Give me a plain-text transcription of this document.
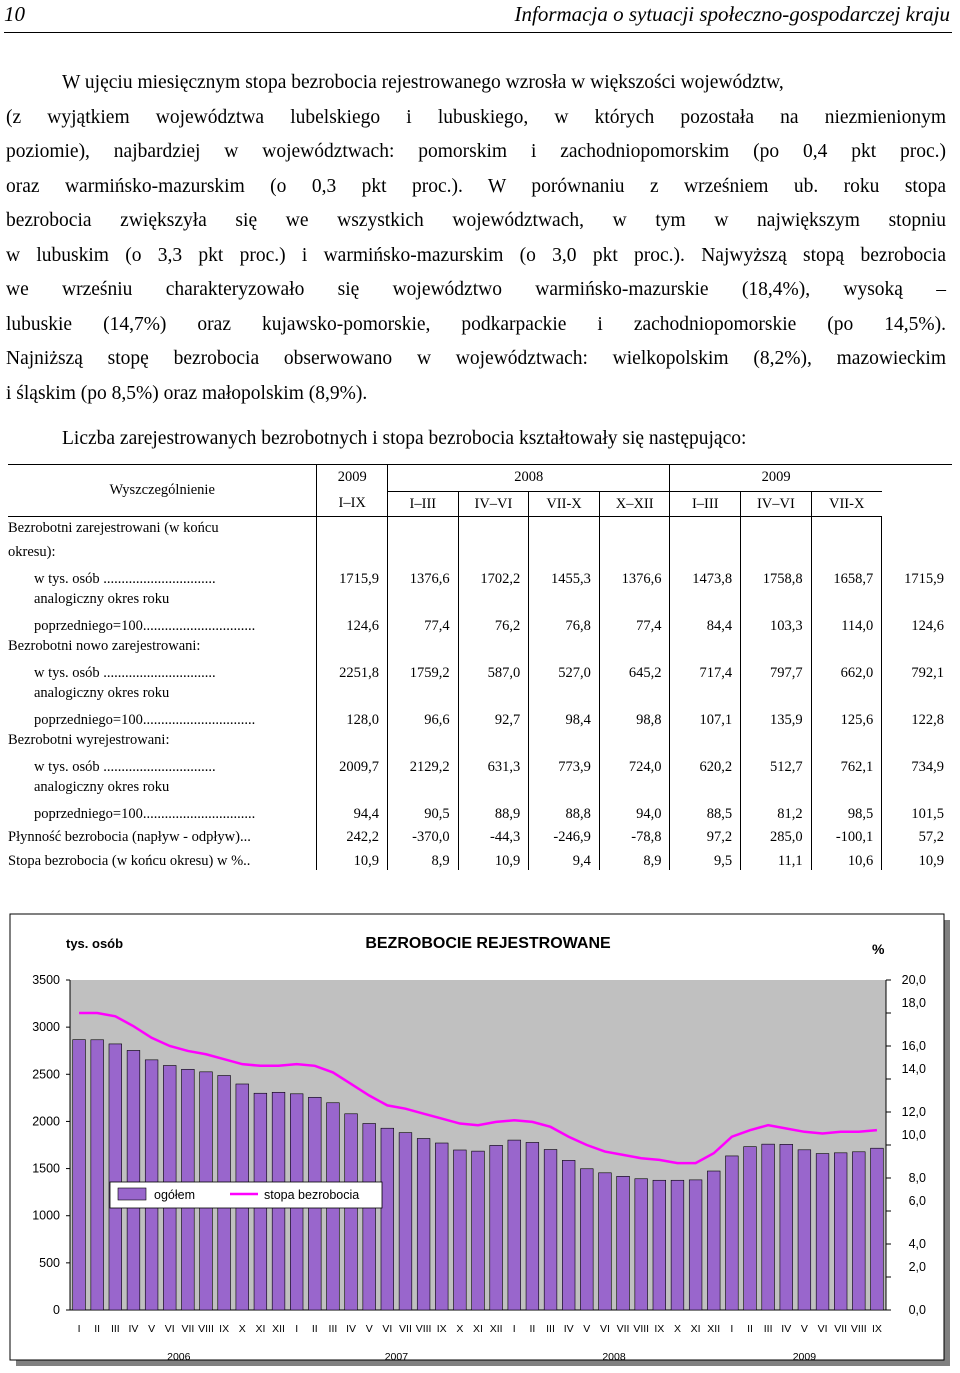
10	Informacja o sytuacji społeczno-gospodarczej kraju
W ujęciu miesięcznym stopa bezrobocia rejestrowanego wzrosła w większości województw,
(z wyjątkiem województwa lubelskiego i lubuskiego, w których pozostała na niezmienionym
poziomie), najbardziej w województwach: pomorskim i zachodniopomorskim (po 0,4 pkt proc.)
oraz warmińsko-mazurskim (o 0,3 pkt proc.). W porównaniu z wrześniem ub. roku stopa
bezrobocia zwiększyła się we wszystkich województwach, w tym w największym stopniu
w lubuskim (o 3,3 pkt proc.) i warmińsko-mazurskim (o 3,0 pkt proc.). Najwyższą stopą bezrobocia
we wrześniu charakteryzowało się województwo warmińsko-mazurskie (18,4%), wysoką –
lubuskie (14,7%) oraz kujawsko-pomorskie, podkarpackie i zachodniopomorskie (po 14,5%).
Najniższą stopę bezrobocia obserwowano w województwach: wielkopolskim (8,2%), mazowieckim
i śląskim (po 8,5%) oraz małopolskim (8,9%).
Liczba zarejestrowanych bezrobotnych i stopa bezrobocia kształtowały się następująco:
Wyszczególnienie	2009	2008				2009			
	I–IX	I–III	IV–VI	VII-X	X–XII	I–III	IV–VI	VII-X	
Bezrobotni zarejestrowani (w końcu									
okresu):									
w tys. osób ...............................	1715,9	1376,6	1702,2	1455,3	1376,6	1473,8	1758,8	1658,7	1715,9
analogiczny okres roku									
poprzedniego=100...............................	124,6	77,4	76,2	76,8	77,4	84,4	103,3	114,0	124,6
Bezrobotni nowo zarejestrowani:									
w tys. osób ...............................	2251,8	1759,2	587,0	527,0	645,2	717,4	797,7	662,0	792,1
analogiczny okres roku									
poprzedniego=100...............................	128,0	96,6	92,7	98,4	98,8	107,1	135,9	125,6	122,8
Bezrobotni wyrejestrowani:									
w tys. osób ...............................	2009,7	2129,2	631,3	773,9	724,0	620,2	512,7	762,1	734,9
analogiczny okres roku									
poprzedniego=100...............................	94,4	90,5	88,9	88,8	94,0	88,5	81,2	98,5	101,5
Płynność bezrobocia (napływ - odpływ)...	242,2	-370,0	-44,3	-246,9	-78,8	97,2	285,0	-100,1	57,2
Stopa bezrobocia (w końcu okresu) w %..	10,9	8,9	10,9	9,4	8,9	9,5	11,1	10,6	10,9
0
500
1000
1500
2000
2500
3000
3500
0,0
2,0
4,0
6,0
8,0
10,0
12,0
14,0
16,0
18,0
20,0
I II III IV V VI VII VIII IX X XI XII I II III IV V VI VII VIII IX X XI XII I II III IV V VI VII VIII IX X XI XII I II III IV V VI VII VIII IX
2006	2007	2008	2009
BEZROBOCIE REJESTROWANE
tys. osób	%
ogółem	stopa bezrobocia
